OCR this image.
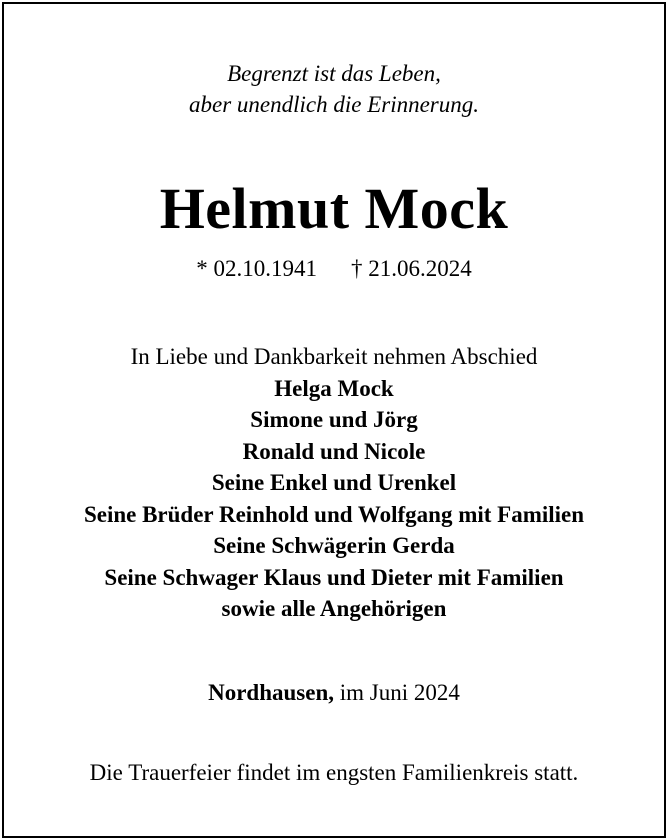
Begrenzt ist das Leben,
aber unendlich die Erinnerung.
Helmut Mock
* 02.10.1941 † 21.06.2024
In Liebe und Dankbarkeit nehmen Abschied
Helga Mock
Simone und Jörg
Ronald und Nicole
Seine Enkel und Urenkel
Seine Brüder Reinhold und Wolfgang mit Familien
Seine Schwägerin Gerda
Seine Schwager Klaus und Dieter mit Familien
sowie alle Angehörigen
Nordhausen, im Juni 2024
Die Trauerfeier findet im engsten Familienkreis statt.
